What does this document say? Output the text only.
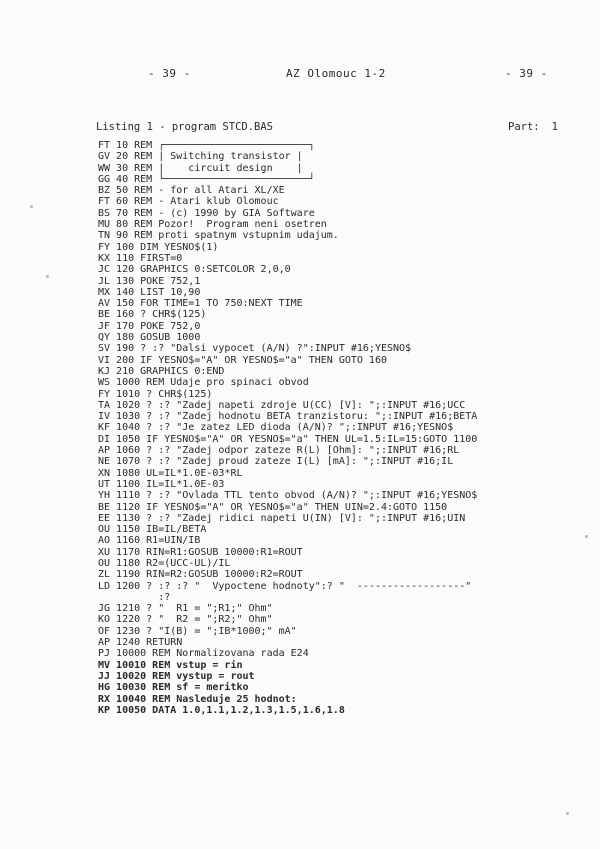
- 39 -	AZ Olomouc 1-2	- 39 -
Listing 1 - program STCD.BAS	Part: 1
FT 10 REM ┌────────────────────────┐
GV 20 REM | Switching transistor |
WW 30 REM |    circuit design    |
GG 40 REM └────────────────────────┘
BZ 50 REM - for all Atari XL/XE
FT 60 REM - Atari klub Olomouc
BS 70 REM - (c) 1990 by GIA Software
MU 80 REM Pozor!  Program neni osetren
TN 90 REM proti spatnym vstupnim udajum.
FY 100 DIM YESNO$(1)
KX 110 FIRST=0
JC 120 GRAPHICS 0:SETCOLOR 2,0,0
JL 130 POKE 752,1
MX 140 LIST 10,90
AV 150 FOR TIME=1 TO 750:NEXT TIME
BE 160 ? CHR$(125)
JF 170 POKE 752,0
QY 180 GOSUB 1000
SV 190 ? :? "Dalsi vypocet (A/N) ?":INPUT #16;YESNO$
VI 200 IF YESNO$="A" OR YESNO$="a" THEN GOTO 160
KJ 210 GRAPHICS 0:END
WS 1000 REM Udaje pro spinaci obvod
FY 1010 ? CHR$(125)
TA 1020 ? :? "Zadej napeti zdroje U(CC) [V]: ";:INPUT #16;UCC
IV 1030 ? :? "Zadej hodnotu BETA tranzistoru: ";:INPUT #16;BETA
KF 1040 ? :? "Je zatez LED dioda (A/N)? ";:INPUT #16;YESNO$
DI 1050 IF YESNO$="A" OR YESNO$="a" THEN UL=1.5:IL=15:GOTO 1100
AP 1060 ? :? "Zadej odpor zateze R(L) [Ohm]: ";:INPUT #16;RL
NE 1070 ? :? "Zadej proud zateze I(L) [mA]: ";:INPUT #16;IL
XN 1080 UL=IL*1.0E-03*RL
UT 1100 IL=IL*1.0E-03
YH 1110 ? :? "Ovlada TTL tento obvod (A/N)? ";:INPUT #16;YESNO$
BE 1120 IF YESNO$="A" OR YESNO$="a" THEN UIN=2.4:GOTO 1150
EE 1130 ? :? "Zadej ridici napeti U(IN) [V]: ";:INPUT #16;UIN
OU 1150 IB=IL/BETA
AO 1160 R1=UIN/IB
XU 1170 RIN=R1:GOSUB 10000:R1=ROUT
OU 1180 R2=(UCC-UL)/IL
ZL 1190 RIN=R2:GOSUB 10000:R2=ROUT
LD 1200 ? :? :? "  Vypoctene hodnoty":? "  ------------------"
:?
JG 1210 ? "  R1 = ";R1;" Ohm"
KO 1220 ? "  R2 = ";R2;" Ohm"
OF 1230 ? "I(B) = ";IB*1000;" mA"
AP 1240 RETURN
PJ 10000 REM Normalizovana rada E24
MV 10010 REM vstup = rin
JJ 10020 REM vystup = rout
HG 10030 REM sf = meritko
RX 10040 REM Nasleduje 25 hodnot:
KP 10050 DATA 1.0,1.1,1.2,1.3,1.5,1.6,1.8
